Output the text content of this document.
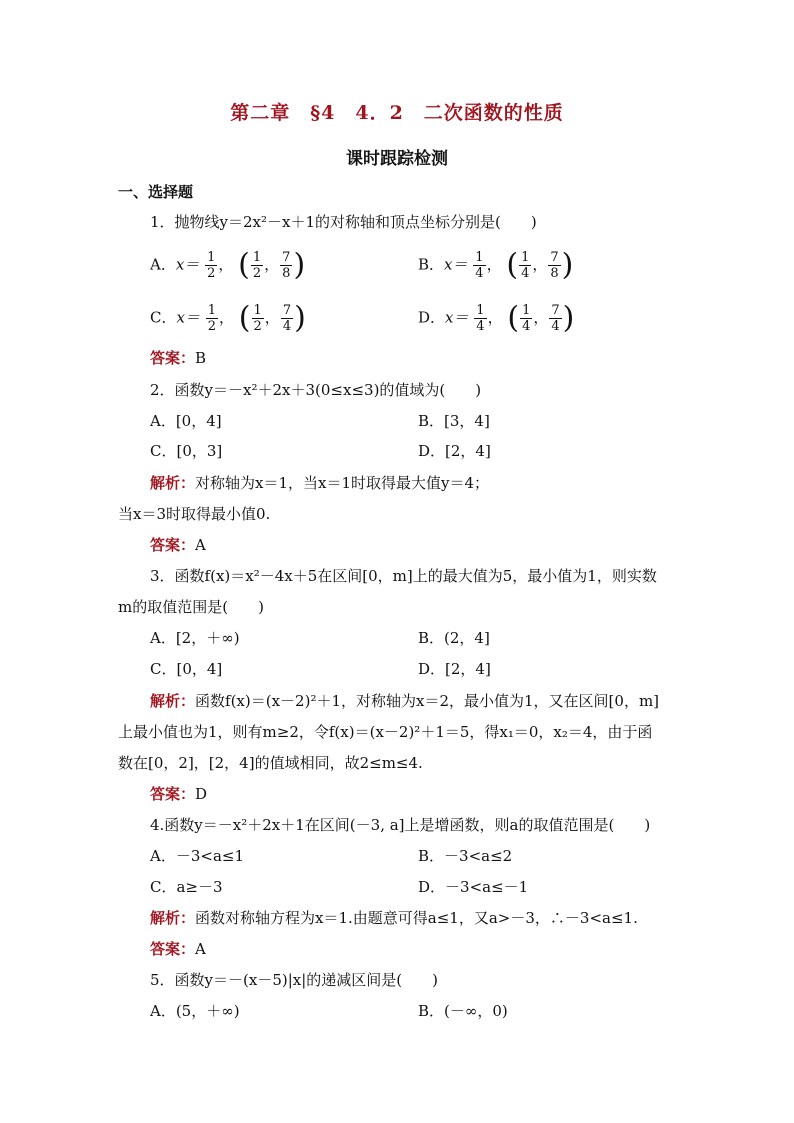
第二章　§4　4．2　二次函数的性质
课时跟踪检测
一、选择题
1．抛物线y＝2x²－x＋1的对称轴和顶点坐标分别是(　　)
A．$x= \frac{1}{2}$ ， ( $\frac{1}{2}$ ， $\frac{7}{8}$ )	B．$x= \frac{1}{4}$ ， ( $\frac{1}{4}$ ， $\frac{7}{8}$ )
C．$x= \frac{1}{2}$ ， ( $\frac{1}{2}$ ， $\frac{7}{4}$ )	D．$x= \frac{1}{4}$ ， ( $\frac{1}{4}$ ， $\frac{7}{4}$ )
答案：B
2．函数y＝－x²＋2x＋3(0≤x≤3)的值域为(　　)
A．[0，4]	B．[3，4]
C．[0，3]	D．[2，4]
解析：对称轴为x＝1，当x＝1时取得最大值y＝4；
当x＝3时取得最小值0.
答案：A
3．函数f(x)＝x²－4x＋5在区间[0，m]上的最大值为5，最小值为1，则实数
m的取值范围是(　　)
A．[2，＋∞)	B．(2，4]
C．[0，4]	D．[2，4]
解析：函数f(x)＝(x－2)²＋1，对称轴为x＝2，最小值为1，又在区间[0，m]
上最小值也为1，则有m≥2，令f(x)＝(x－2)²＋1＝5，得x₁＝0，x₂＝4，由于函
数在[0，2]，[2，4]的值域相同，故2≤m≤4.
答案：D
4.函数y＝－x²＋2x＋1在区间(－3, a]上是增函数，则a的取值范围是(　　)
A．－3<a≤1	B．－3<a≤2
C．a≥－3	D．－3<a≤－1
解析：函数对称轴方程为x＝1.由题意可得a≤1，又a>－3，∴－3<a≤1.
答案：A
5．函数y＝－(x－5)|x|的递减区间是(　　)
A．(5，＋∞)	B．(－∞，0)
